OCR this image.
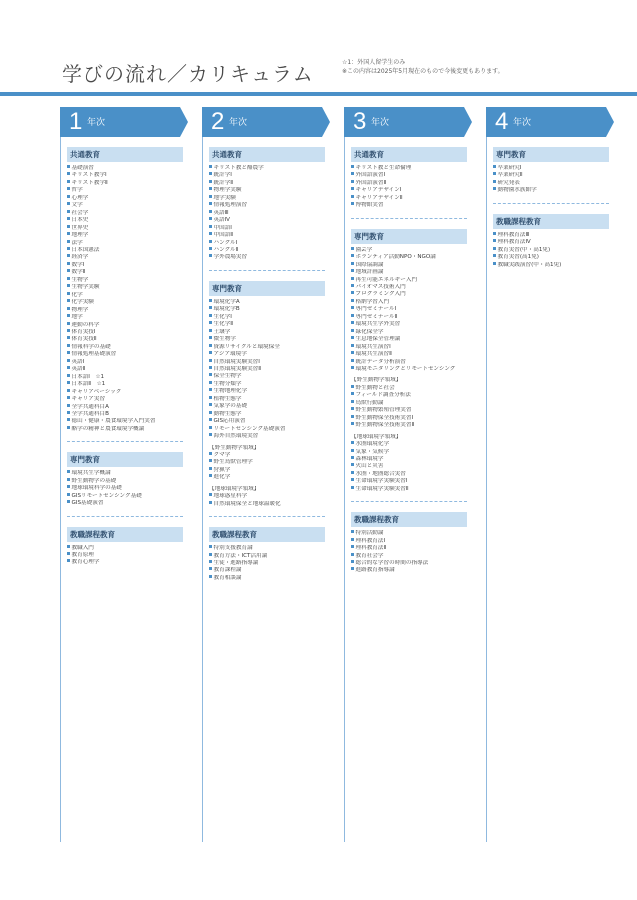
学びの流れ／カリキュラム	☆1：外国人留学生のみ
※この内容は2025年5月現在のもので今後変更もあります。
1 年次
共通教育
基礎演習
キリスト教学Ⅰ
キリスト教学Ⅱ
哲学
心理学
文学
社会学
日本史
世界史
地理学
法学
日本国憲法
経済学
数学Ⅰ
数学Ⅱ
生物学
生物学実験
化学
化学実験
物理学
地学
運動の科学
体育実技Ⅰ
体育実技Ⅱ
情報科学の基礎
情報処理基礎演習
英語Ⅰ
英語Ⅱ
日本語Ⅰ　☆1
日本語Ⅱ　☆1
キャリアベーシック
キャリア実習
全学共通科目A
全学共通科目B
徳山・健康・農食環境学入門実習
酪学の精神と農食環境学概論
専門教育
環境共生学概論
野生動物学の基礎
地球環境科学の基礎
GISリモートセンシング基礎
GIS基礎演習
教職課程教育
教職入門
教育原理
教育心理学
2 年次
共通教育
キリスト教と酪農学
統計学Ⅰ
統計学Ⅱ
物理学実験
地学実験
情報処理演習
英語Ⅲ
英語Ⅳ
中国語Ⅰ
中国語Ⅱ
ハングルⅠ
ハングルⅡ
学外農場実習
専門教育
環境化学A
環境化学B
生化学Ⅰ
生化学Ⅱ
土壌学
微生物学
資源リサイクルと環境保全
アジア環境学
自然環境実験実習Ⅰ
自然環境実験実習Ⅱ
保全生物学
生物分類学
生物地理化学
植物生態学
気象学の基礎
動物生態学
GIS応用演習
リモートセンシング基礎演習
海外自然環境実習
【野生動物学領域】
クマ学
野生鳥獣管理学
狩猟学
進化学
【地球環境学領域】
地球惑星科学
自然環境保全と地球温暖化
教職課程教育
特別支援教育論
教育方法・ICT活用論
生徒・進路指導論
教育課程論
教育相談論
3 年次
共通教育
キリスト教と生命倫理
外国語演習Ⅰ
外国語演習Ⅱ
キャリアデザインⅠ
キャリアデザインⅡ
博物館実習
専門教育
園芸学
ボランティア活動NPO・NGO論
国際協調論
地域計画論
再生可能エネルギー入門
バイオマス技術入門
プログラミング入門
格納学習入門
専門ゼミナールⅠ
専門ゼミナールⅡ
環境共生学外実習
緑化保全学
生息地保全管理論
環境共生演習Ⅰ
環境共生演習Ⅱ
統計データ分析演習
環境モニタリングとリモートセンシング
【野生動物学領域】
野生動物と社会
フィールド調査分析法
鳥獣行動論
野生動物繁殖管理実習
野生動物保全技術実習Ⅰ
野生動物保全技術実習Ⅱ
【地球環境学領域】
水圏環境化学
気象・気候学
森林環境学
火山と災害
水圏・地圏総合実習
生命環境学実験実習Ⅰ
生命環境学実験実習Ⅱ
教職課程教育
特別活動論
理科教育法Ⅰ
理科教育法Ⅱ
教育社会学
総合的な学習の時間の指導法
進路教育指導論
4 年次
専門教育
卒業研究Ⅰ
卒業研究Ⅱ
研究発表
動物園水族館学
教職課程教育
理科教育法Ⅲ
理科教育法Ⅳ
教育実習(中・高1免)
教育実習(高1免)
教職実践演習(中・高1免)
